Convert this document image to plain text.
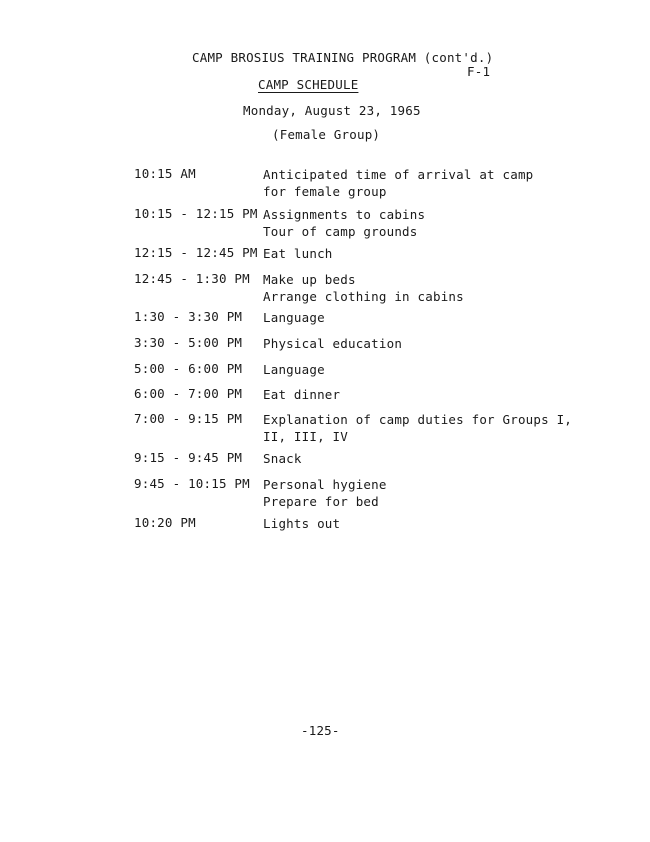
CAMP BROSIUS TRAINING PROGRAM (cont'd.)
F-1
CAMP SCHEDULE
Monday, August 23, 1965
(Female Group)
10:15 AM	Anticipated time of arrival at camp
for female group
10:15 - 12:15 PM Assignments to cabins
Tour of camp grounds
12:15 - 12:45 PM Eat lunch
12:45 - 1:30 PM Make up beds
Arrange clothing in cabins
1:30 - 3:30 PM Language
3:30 - 5:00 PM Physical education
5:00 - 6:00 PM Language
6:00 - 7:00 PM Eat dinner
7:00 - 9:15 PM Explanation of camp duties for Groups I,
II, III, IV
9:15 - 9:45 PM Snack
9:45 - 10:15 PM Personal hygiene
Prepare for bed
10:20 PM	Lights out
-125-
